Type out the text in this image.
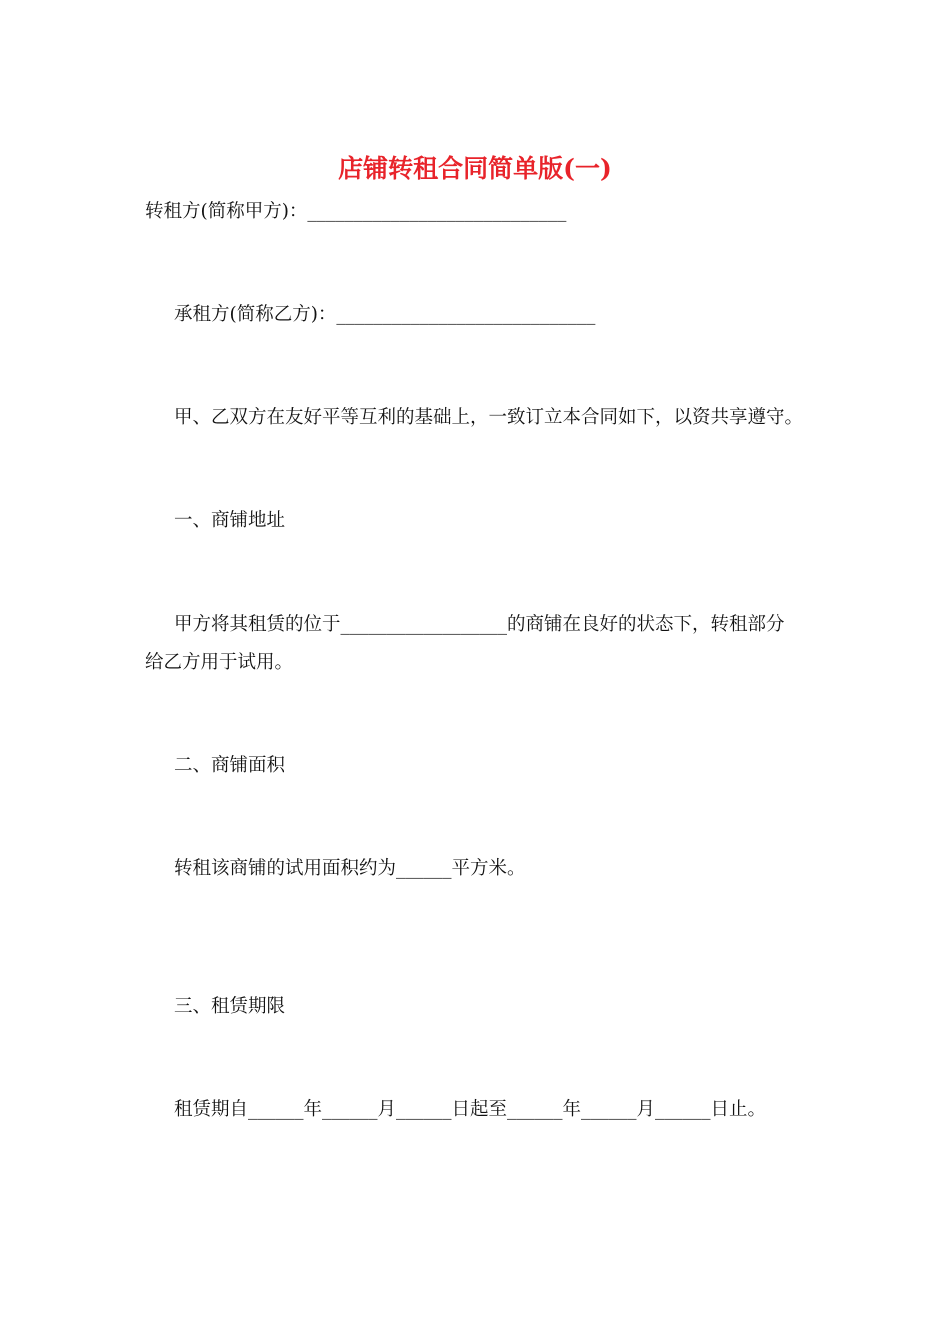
店铺转租合同简单版(一)
转租方(简称甲方)：____________________________
承租方(简称乙方)：____________________________
甲、乙双方在友好平等互利的基础上，一致订立本合同如下，以资共享遵守。
一、商铺地址
甲方将其租赁的位于__________________的商铺在良好的状态下，转租部分
给乙方用于试用。
二、商铺面积
转租该商铺的试用面积约为______平方米。
三、租赁期限
租赁期自______年______月______日起至______年______月______日止。
